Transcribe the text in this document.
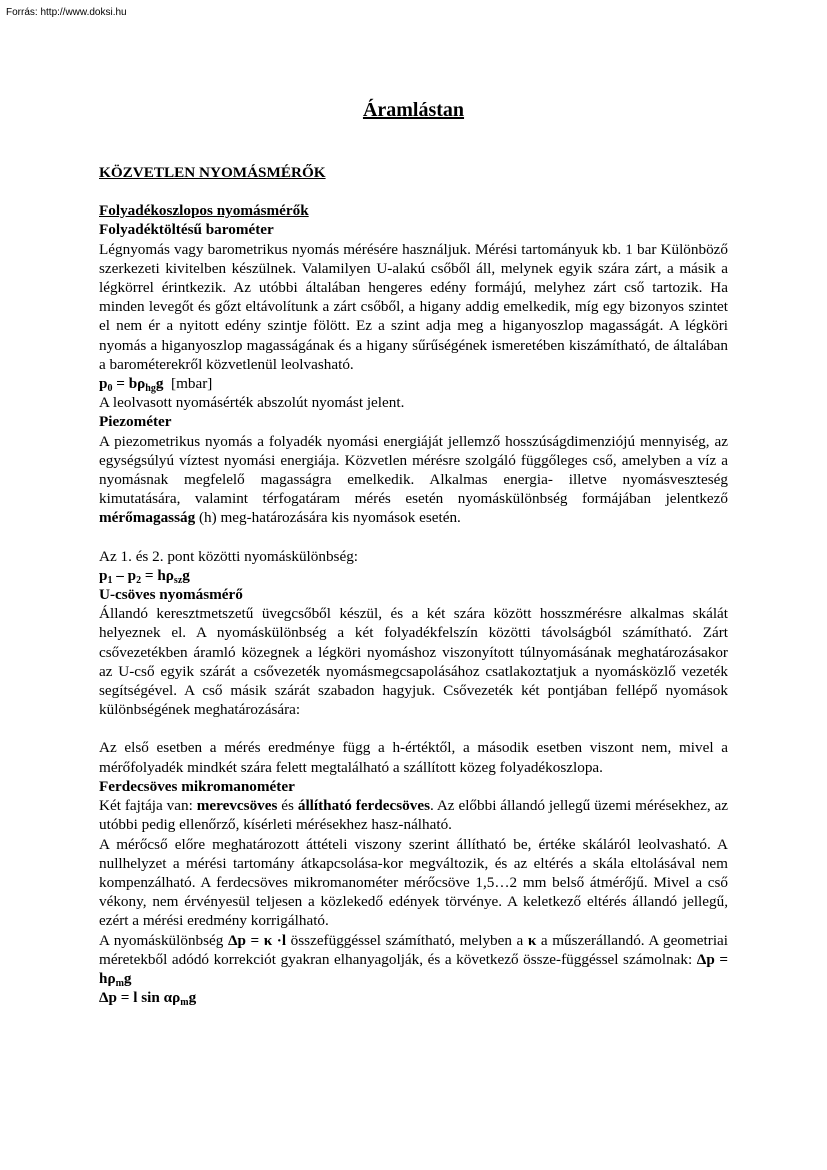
Forrás: http://www.doksi.hu
Áramlástan
KÖZVETLEN NYOMÁSMÉRŐK
Folyadékoszlopos nyomásmérők
Folyadéktöltésű barométer

Légnyomás vagy barometrikus nyomás mérésére használjuk. Mérési tartományuk kb. 1 bar Különböző szerkezeti kivitelben készülnek. Valamilyen U-alakú csőből áll, melynek egyik szára zárt, a másik a légkörrel érintkezik. Az utóbbi általában hengeres edény formájú, melyhez zárt cső tartozik. Ha minden levegőt és gőzt eltávolítunk a zárt csőből, a higany addig emelkedik, míg egy bizonyos szintet el nem ér a nyitott edény szintje fölött. Ez a szint adja meg a higanyoszlop magasságát. A légköri nyomás a higanyoszlop magasságának és a higany sűrűségének ismeretében kiszámítható, de általában a barométerekről közvetlenül leolvasható.

$p_0 = b\rho_{hg}g$ [mbar]

A leolvasott nyomásérték abszolút nyomást jelent.

Piezométer

A piezometrikus nyomás a folyadék nyomási energiáját jellemző hosszúságdimenziójú mennyiség, az egységsúlyú víztest nyomási energiája. Közvetlen mérésre szolgáló függőleges cső, amelyben a víz a nyomásnak megfelelő magasságra emelkedik. Alkalmas energia- illetve nyomásveszteség kimutatására, valamint térfogatáram mérés esetén nyomáskülönbség formájában jelentkező mérőmagasság (h) meg-határozására kis nyomások esetén.

Az 1. és 2. pont közötti nyomáskülönbség:

$p_1 - p_2 = h\rho_{sz}g$
U-csöves nyomásmérő

Állandó keresztmetszetű üvegcsőből készül, és a két szára között hosszmérésre alkalmas skálát helyeznek el. A nyomáskülönbség a két folyadékfelszín közötti távolságból számítható. Zárt csővezetékben áramló közegnek a légköri nyomáshoz viszonyított túlnyomásának meghatározásakor az U-cső egyik szárát a csővezeték nyomásmegcsapolásához csatlakoztatjuk a nyomásközlő vezeték segítségével. A cső másik szárát szabadon hagyjuk. Csővezeték két pontjában fellépő nyomások különbségének meghatározására:

Az első esetben a mérés eredménye függ a h-értéktől, a második esetben viszont nem, mivel a mérőfolyadék mindkét szára felett megtalálható a szállított közeg folyadékoszlopa.

Ferdecsöves mikromanométer

Két fajtája van: merevcsöves és állítható ferdecsöves. Az előbbi állandó jellegű üzemi mérésekhez, az utóbbi pedig ellenőrző, kísérleti mérésekhez hasz-nálható.

A mérőcső előre meghatározott áttételi viszony szerint állítható be, értéke skáláról leolvasható. A nullhelyzet a mérési tartomány átkapcsolása-kor megváltozik, és az eltérés a skála eltolásával nem kompenzálható. A ferdecsöves mikromanométer mérőcsöve 1,5…2 mm belső átmérőjű. Mivel a cső vékony, nem érvényesül teljesen a közlekedő edények törvénye. A keletkező eltérés állandó jellegű, ezért a mérési eredmény korrigálható.

A nyomáskülönbség Δp = κ ·l összefüggéssel számítható, melyben a κ a műszerállandó. A geometriai méretekből adódó korrekciót gyakran elhanyagolják, és a következő össze-függéssel számolnak: $\Delta p = h\rho_mg$

Δp = l $\sin \alpha\rho_mg$
